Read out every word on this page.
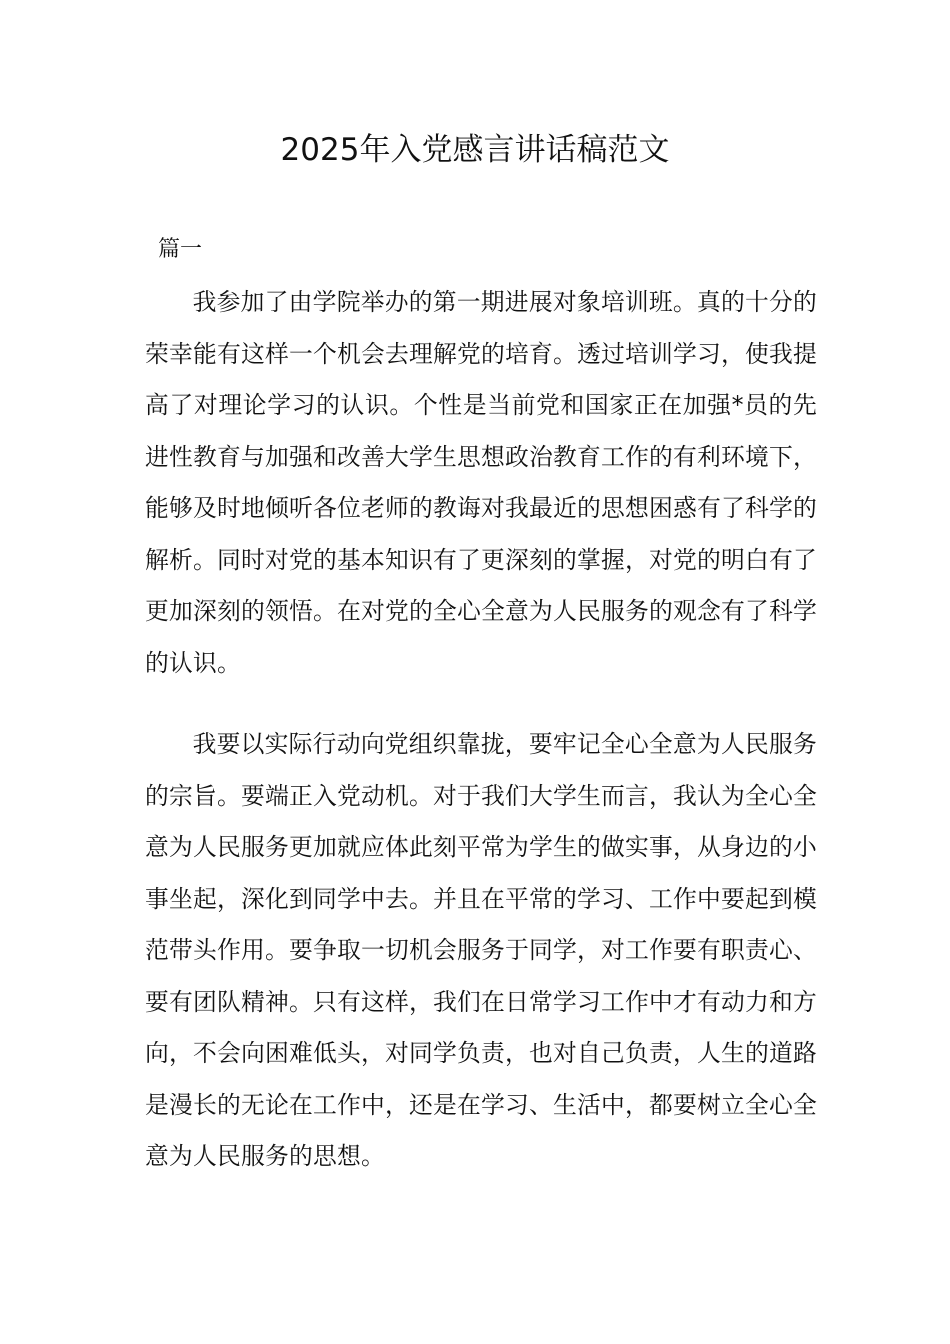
2025年入党感言讲话稿范文
篇一

我参加了由学院举办的第一期进展对象培训班。真的十分的荣幸能有这样一个机会去理解党的培育。透过培训学习，使我提高了对理论学习的认识。个性是当前党和国家正在加强*员的先进性教育与加强和改善大学生思想政治教育工作的有利环境下，能够及时地倾听各位老师的教诲对我最近的思想困惑有了科学的解析。同时对党的基本知识有了更深刻的掌握，对党的明白有了更加深刻的领悟。在对党的全心全意为人民服务的观念有了科学的认识。

我要以实际行动向党组织靠拢，要牢记全心全意为人民服务的宗旨。要端正入党动机。对于我们大学生而言，我认为全心全意为人民服务更加就应体此刻平常为学生的做实事，从身边的小事坐起，深化到同学中去。并且在平常的学习、工作中要起到模范带头作用。要争取一切机会服务于同学，对工作要有职责心、要有团队精神。只有这样，我们在日常学习工作中才有动力和方向，不会向困难低头，对同学负责，也对自己负责，人生的道路是漫长的无论在工作中，还是在学习、生活中，都要树立全心全意为人民服务的思想。
